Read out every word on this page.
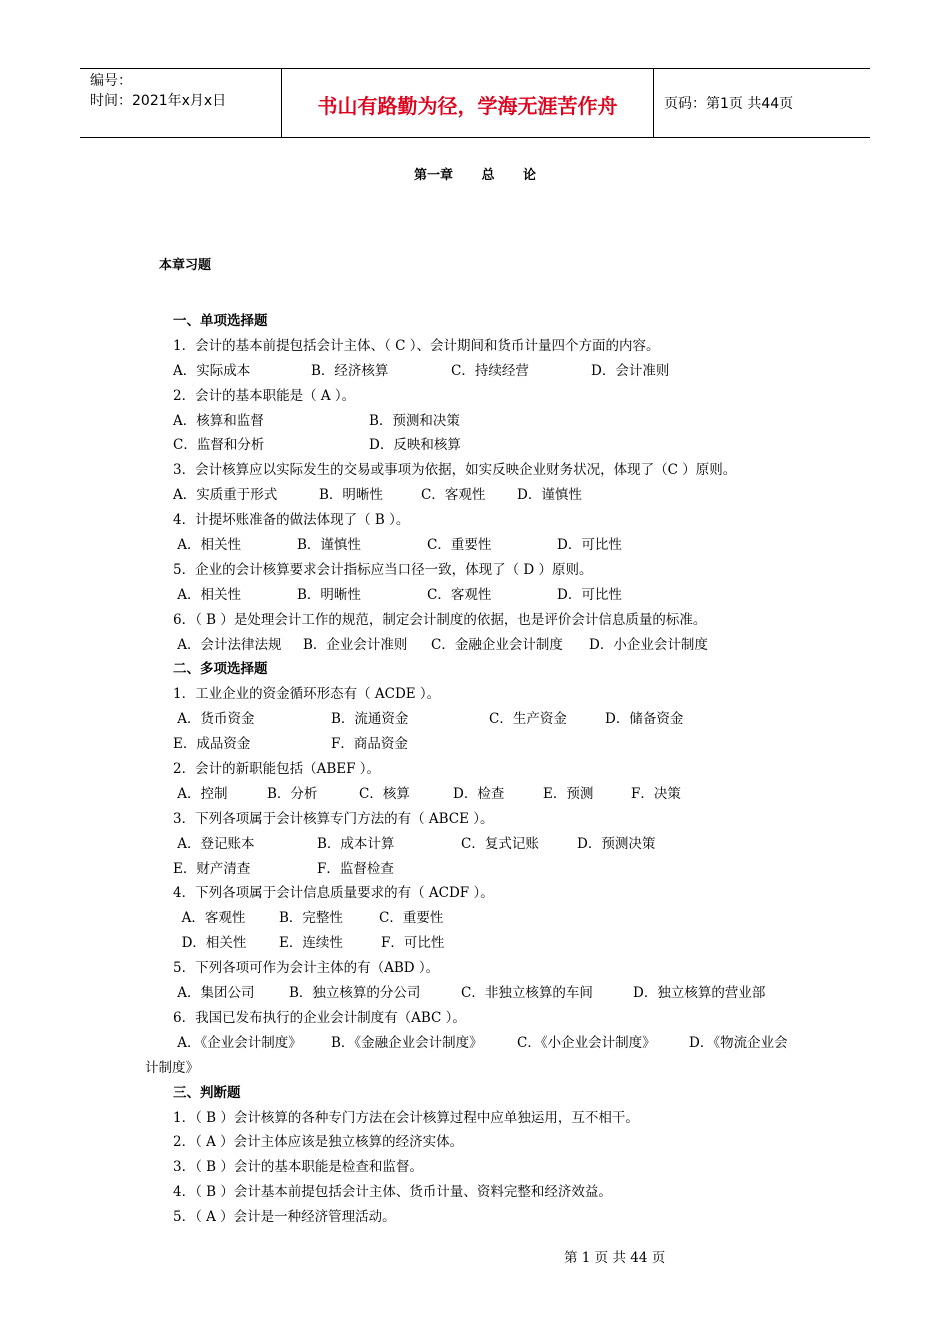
编号：
时间：2021年x月x日	书山有路勤为径，学海无涯苦作舟	页码：第1页 共44页
第一章 总 论
本章习题
一、单项选择题
1．会计的基本前提包括会计主体、（ C ）、会计期间和货币计量四个方面的内容。
A．实际成本	B．经济核算	C．持续经营	D．会计准则
2．会计的基本职能是（ A ）。
A．核算和监督	B．预测和决策
C．监督和分析	D．反映和核算
3．会计核算应以实际发生的交易或事项为依据，如实反映企业财务状况，体现了（C ）原则。
A．实质重于形式	B．明晰性	C．客观性 D．谨慎性
4．计提坏账准备的做法体现了（ B ）。
A．相关性	B．谨慎性	C．重要性	D．可比性
5．企业的会计核算要求会计指标应当口径一致，体现了（ D ）原则。
A．相关性	B．明晰性	C．客观性	D．可比性
6．（ B ）是处理会计工作的规范，制定会计制度的依据，也是评价会计信息质量的标准。
A．会计法律法规 B．企业会计准则 C．金融企业会计制度 D．小企业会计制度
二、多项选择题
1．工业企业的资金循环形态有（ ACDE ）。
A．货币资金	B．流通资金	C．生产资金	D．储备资金
E．成品资金	F．商品资金
2．会计的新职能包括（ABEF ）。
A．控制	B．分析	C．核算	D．检查	E．预测	F．决策
3．下列各项属于会计核算专门方法的有（ ABCE ）。
A．登记账本	B．成本计算	C．复式记账	D．预测决策
E．财产清查	F．监督检查
4．下列各项属于会计信息质量要求的有（ ACDF ）。
A．客观性 B．完整性	C．重要性
D．相关性 E．连续性	F．可比性
5．下列各项可作为会计主体的有（ABD ）。
A．集团公司	B．独立核算的分公司	C．非独立核算的车间	D．独立核算的营业部
6．我国已发布执行的企业会计制度有（ABC ）。
A．《企业会计制度》 B．《金融企业会计制度》	C．《小企业会计制度》 D．《物流企业会
计制度》
三、判断题
1．（ B ）会计核算的各种专门方法在会计核算过程中应单独运用，互不相干。
2．（ A ）会计主体应该是独立核算的经济实体。
3．（ B ）会计的基本职能是检查和监督。
4．（ B ）会计基本前提包括会计主体、货币计量、资料完整和经济效益。
5．（ A ）会计是一种经济管理活动。
第 1 页 共 44 页
